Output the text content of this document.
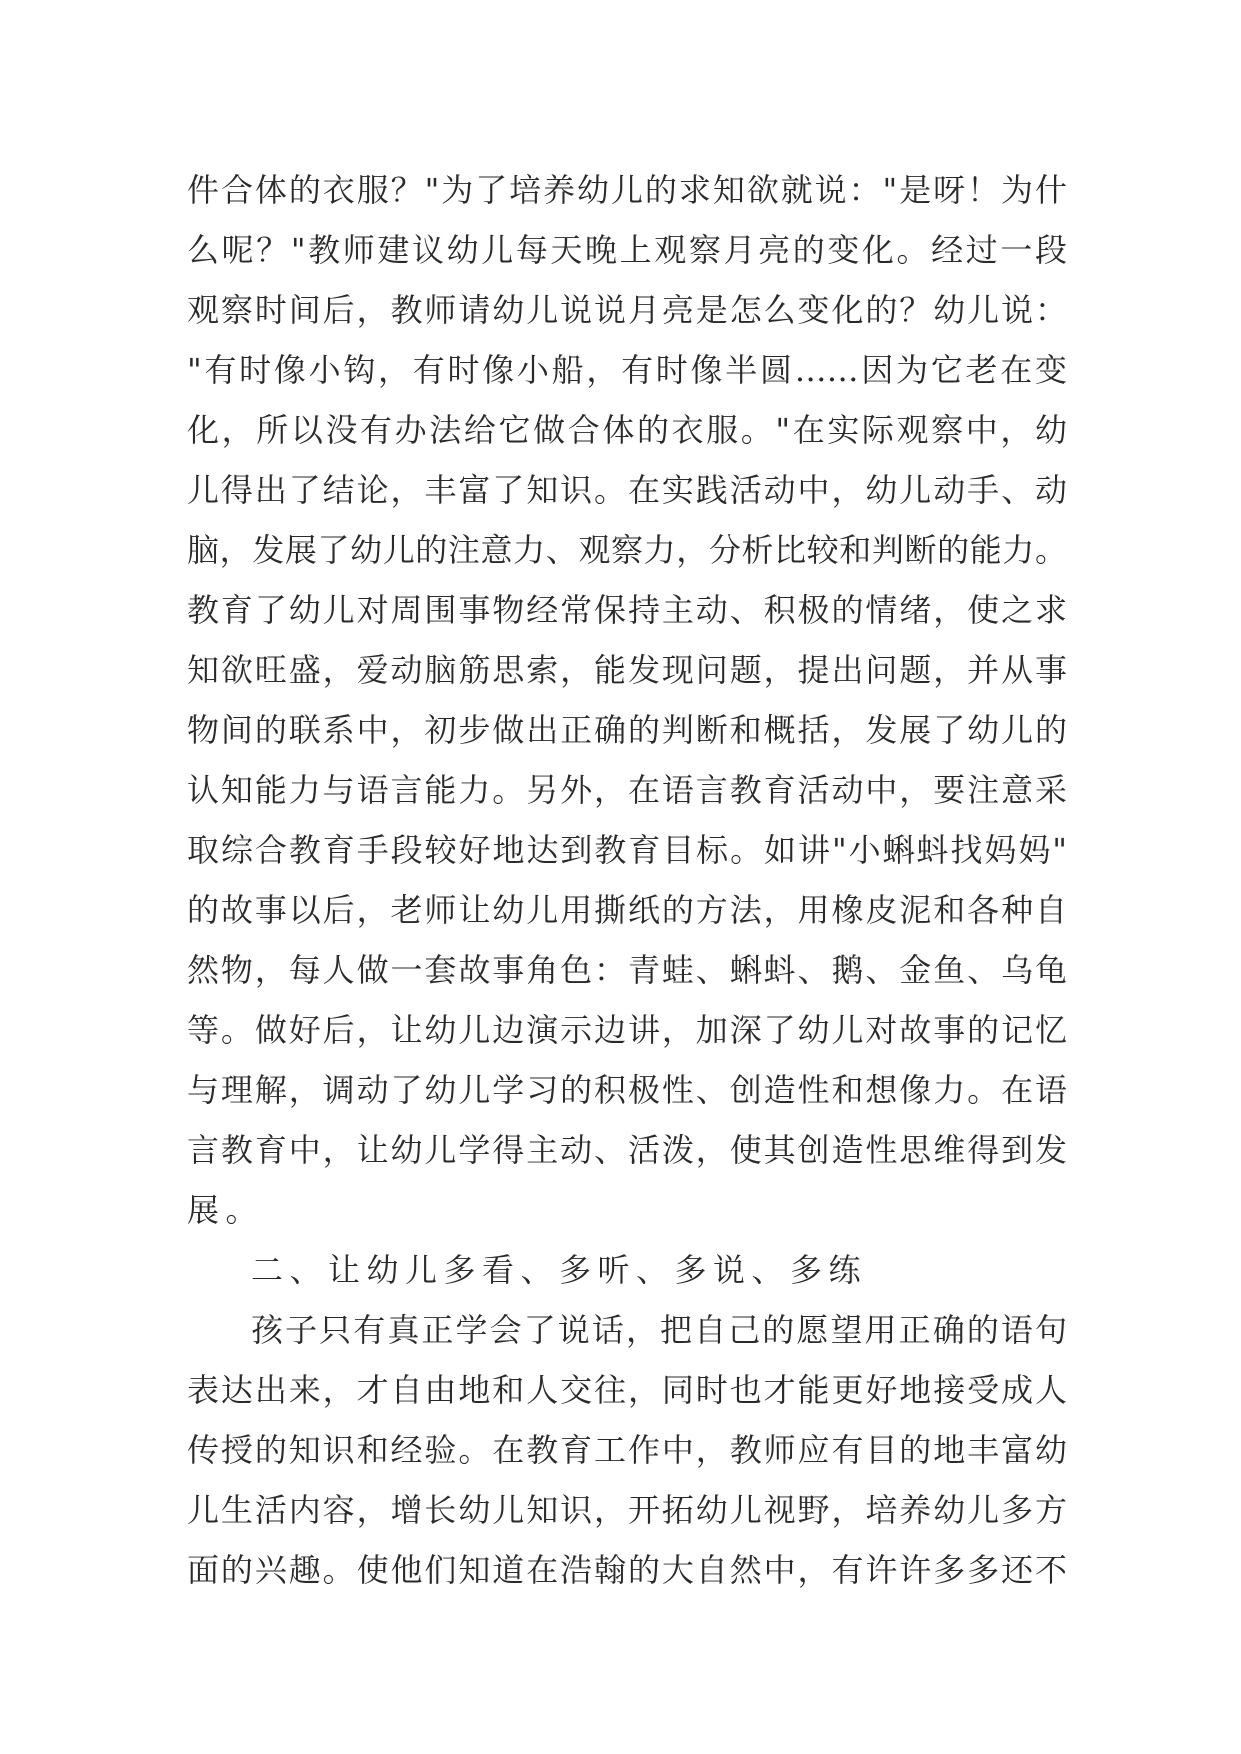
件合体的衣服？"为了培养幼儿的求知欲就说："是呀！为什
么呢？"教师建议幼儿每天晚上观察月亮的变化。经过一段
观察时间后，教师请幼儿说说月亮是怎么变化的？幼儿说：
"有时像小钩，有时像小船，有时像半圆……因为它老在变
化，所以没有办法给它做合体的衣服。"在实际观察中，幼
儿得出了结论，丰富了知识。在实践活动中，幼儿动手、动
脑，发展了幼儿的注意力、观察力，分析比较和判断的能力。
教育了幼儿对周围事物经常保持主动、积极的情绪，使之求
知欲旺盛，爱动脑筋思索，能发现问题，提出问题，并从事
物间的联系中，初步做出正确的判断和概括，发展了幼儿的
认知能力与语言能力。另外，在语言教育活动中，要注意采
取综合教育手段较好地达到教育目标。如讲"小蝌蚪找妈妈"
的故事以后，老师让幼儿用撕纸的方法，用橡皮泥和各种自
然物，每人做一套故事角色：青蛙、蝌蚪、鹅、金鱼、乌龟
等。做好后，让幼儿边演示边讲，加深了幼儿对故事的记忆
与理解，调动了幼儿学习的积极性、创造性和想像力。在语
言教育中，让幼儿学得主动、活泼，使其创造性思维得到发
展。
二、让幼儿多看、多听、多说、多练
孩子只有真正学会了说话，把自己的愿望用正确的语句
表达出来，才自由地和人交往，同时也才能更好地接受成人
传授的知识和经验。在教育工作中，教师应有目的地丰富幼
儿生活内容，增长幼儿知识，开拓幼儿视野，培养幼儿多方
面的兴趣。使他们知道在浩翰的大自然中，有许许多多还不
